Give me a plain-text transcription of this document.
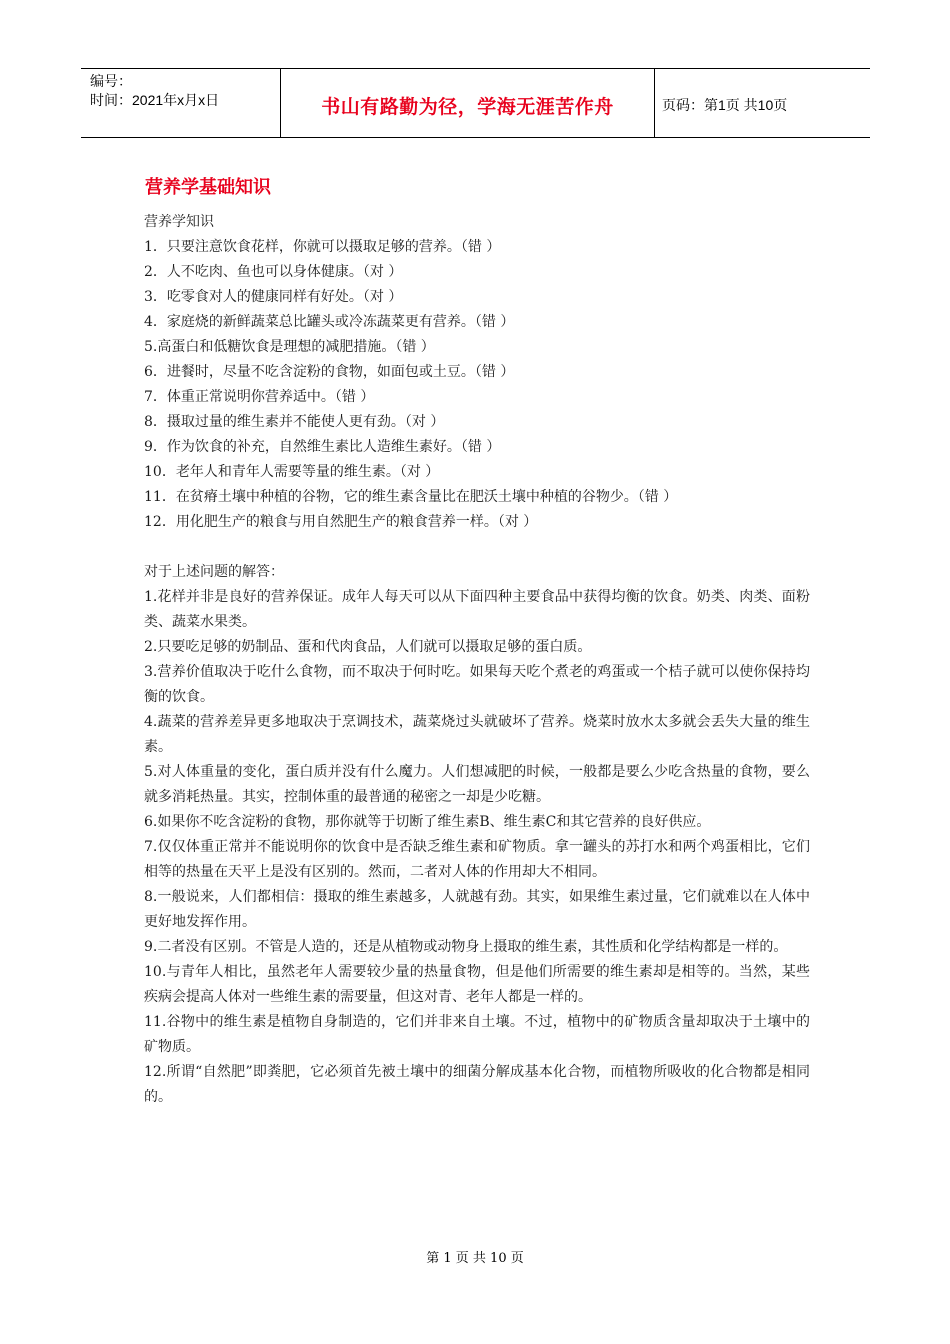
编号：
时间：2021年x月x日	书山有路勤为径，学海无涯苦作舟	页码：第1页 共10页
营养学基础知识
营养学知识
1．只要注意饮食花样，你就可以摄取足够的营养。（错 ）
2．人不吃肉、鱼也可以身体健康。（对 ）
3．吃零食对人的健康同样有好处。（对 ）
4．家庭烧的新鲜蔬菜总比罐头或冷冻蔬菜更有营养。（错 ）
5.高蛋白和低糖饮食是理想的减肥措施。（错 ）
6．进餐时，尽量不吃含淀粉的食物，如面包或土豆。（错 ）
7．体重正常说明你营养适中。（错 ）
8．摄取过量的维生素并不能使人更有劲。（对 ）
9．作为饮食的补充，自然维生素比人造维生素好。（错 ）
10．老年人和青年人需要等量的维生素。（对 ）
11．在贫瘠土壤中种植的谷物，它的维生素含量比在肥沃土壤中种植的谷物少。（错 ）
12．用化肥生产的粮食与用自然肥生产的粮食营养一样。（对 ）
对于上述问题的解答：
1.花样并非是良好的营养保证。成年人每天可以从下面四种主要食品中获得均衡的饮食。奶类、肉类、面粉类、蔬菜水果类。
2.只要吃足够的奶制品、蛋和代肉食品，人们就可以摄取足够的蛋白质。
3.营养价值取决于吃什么食物，而不取决于何时吃。如果每天吃个煮老的鸡蛋或一个桔子就可以使你保持均衡的饮食。
4.蔬菜的营养差异更多地取决于烹调技术，蔬菜烧过头就破坏了营养。烧菜时放水太多就会丢失大量的维生素。
5.对人体重量的变化，蛋白质并没有什么魔力。人们想减肥的时候，一般都是要么少吃含热量的食物，要么就多消耗热量。其实，控制体重的最普通的秘密之一却是少吃糖。
6.如果你不吃含淀粉的食物，那你就等于切断了维生素B、维生素C和其它营养的良好供应。
7.仅仅体重正常并不能说明你的饮食中是否缺乏维生素和矿物质。拿一罐头的苏打水和两个鸡蛋相比，它们相等的热量在天平上是没有区别的。然而，二者对人体的作用却大不相同。
8.一般说来，人们都相信：摄取的维生素越多，人就越有劲。其实，如果维生素过量，它们就难以在人体中更好地发挥作用。
9.二者没有区别。不管是人造的，还是从植物或动物身上摄取的维生素，其性质和化学结构都是一样的。
10.与青年人相比，虽然老年人需要较少量的热量食物，但是他们所需要的维生素却是相等的。当然，某些疾病会提高人体对一些维生素的需要量，但这对青、老年人都是一样的。
11.谷物中的维生素是植物自身制造的，它们并非来自土壤。不过，植物中的矿物质含量却取决于土壤中的矿物质。
12.所谓“自然肥”即粪肥，它必须首先被土壤中的细菌分解成基本化合物，而植物所吸收的化合物都是相同的。
第 1 页 共 10 页
